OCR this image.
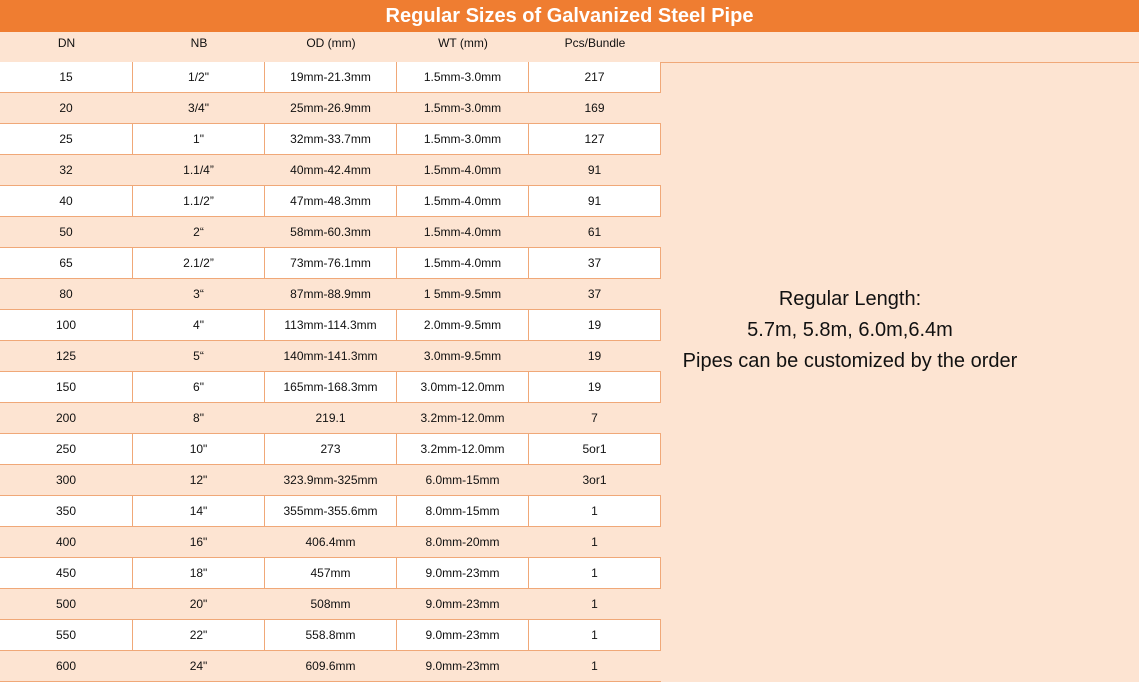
Regular Sizes of Galvanized Steel Pipe
DN	NB	OD (mm)	WT (mm)	Pcs/Bundle
15	1/2"	19mm-21.3mm	1.5mm-3.0mm	217
20	3/4"	25mm-26.9mm	1.5mm-3.0mm	169
25	1"	32mm-33.7mm	1.5mm-3.0mm	127
32	1.1/4”	40mm-42.4mm	1.5mm-4.0mm	91
40	1.1/2”	47mm-48.3mm	1.5mm-4.0mm	91
50	2“	58mm-60.3mm	1.5mm-4.0mm	61
65	2.1/2”	73mm-76.1mm	1.5mm-4.0mm	37
80	3“	87mm-88.9mm	1 5mm-9.5mm	37
100	4"	113mm-114.3mm	2.0mm-9.5mm	19
125	5“	140mm-141.3mm	3.0mm-9.5mm	19
150	6"	165mm-168.3mm	3.0mm-12.0mm	19
200	8"	219.1	3.2mm-12.0mm	7
250	10"	273	3.2mm-12.0mm	5or1
300	12"	323.9mm-325mm	6.0mm-15mm	3or1
350	14"	355mm-355.6mm	8.0mm-15mm	1
400	16"	406.4mm	8.0mm-20mm	1
450	18"	457mm	9.0mm-23mm	1
500	20"	508mm	9.0mm-23mm	1
550	22"	558.8mm	9.0mm-23mm	1
600	24"	609.6mm	9.0mm-23mm	1
Regular Length:
5.7m, 5.8m, 6.0m,6.4m
Pipes can be customized by the order
